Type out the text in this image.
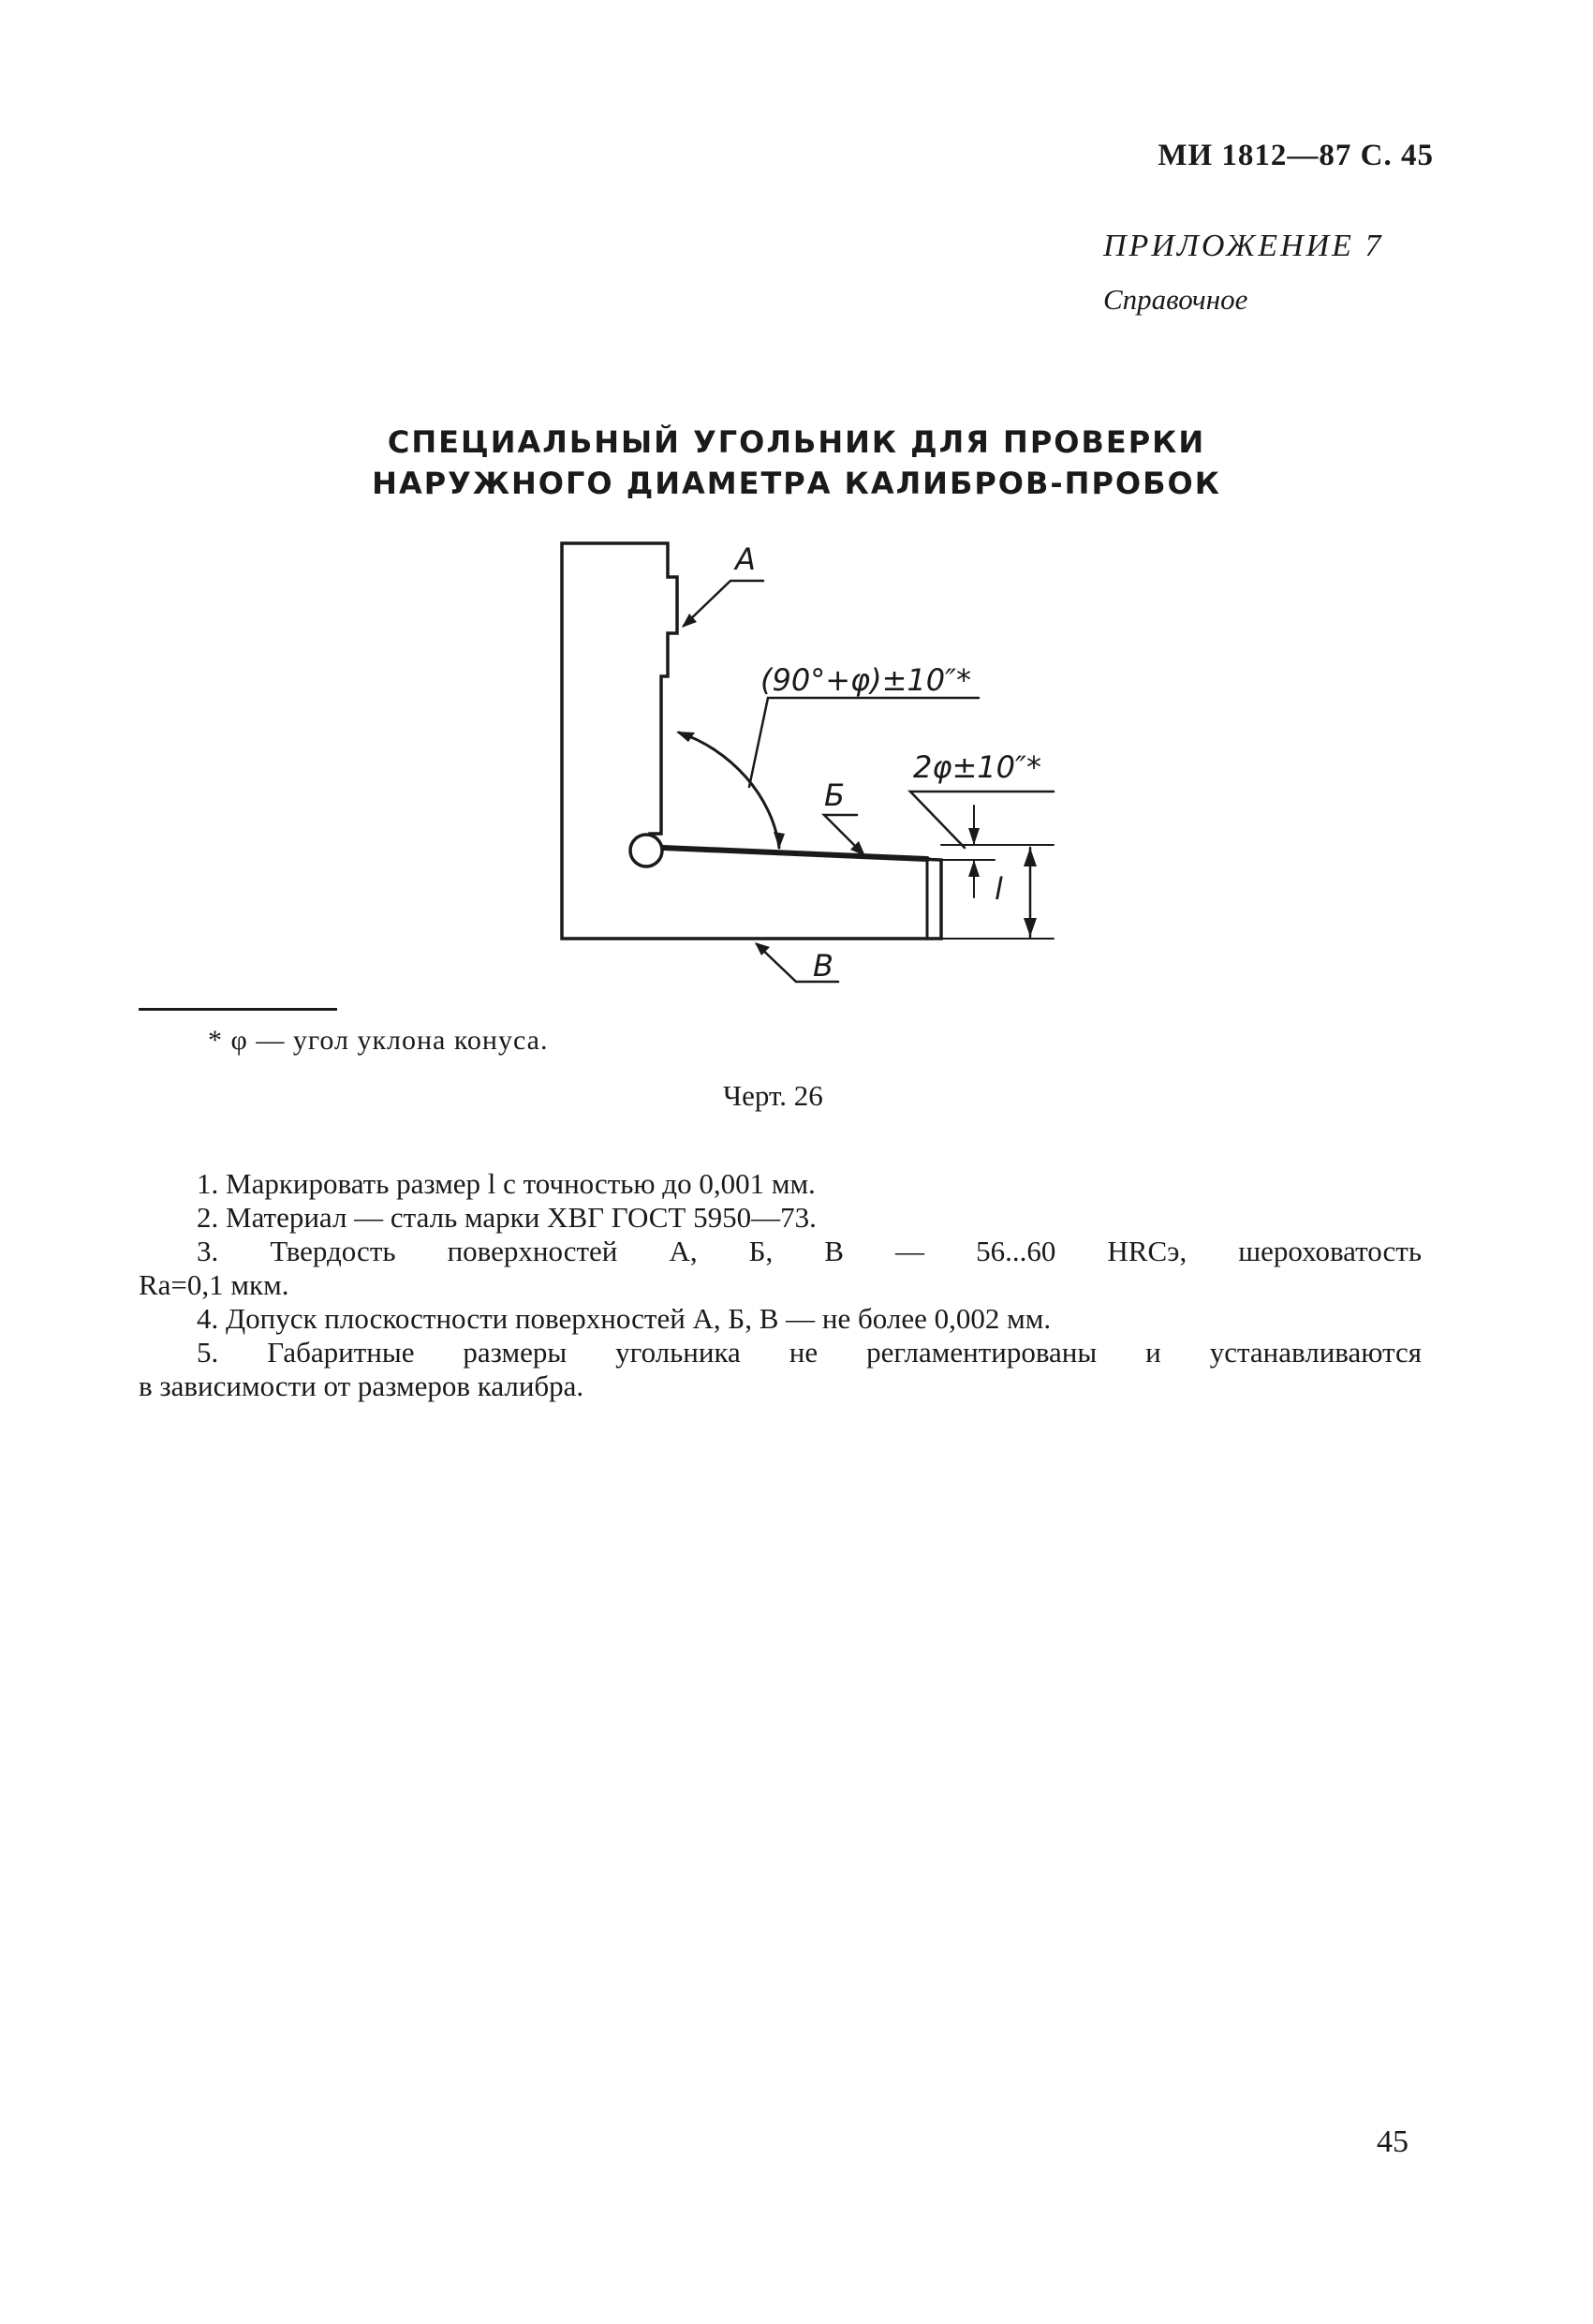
МИ 1812—87 С. 45
ПРИЛОЖЕНИЕ 7
Справочное
СПЕЦИАЛЬНЫЙ УГОЛЬНИК ДЛЯ ПРОВЕРКИ
НАРУЖНОГО ДИАМЕТРА КАЛИБРОВ-ПРОБОК
А
Б
В
(90°+φ)±10″*
2φ±10″*
l
* φ — угол уклона конуса.
Черт. 26

1. Маркировать размер l с точностью до 0,001 мм.

2. Материал — сталь марки ХВГ ГОСТ 5950—73.

3. Твердость поверхностей А, Б, В — 56...60 HRCэ, шероховатость

Ra=0,1 мкм.

4. Допуск плоскостности поверхностей А, Б, В — не более 0,002 мм.

5. Габаритные размеры угольника не регламентированы и устанавливаются

в зависимости от размеров калибра.

45
